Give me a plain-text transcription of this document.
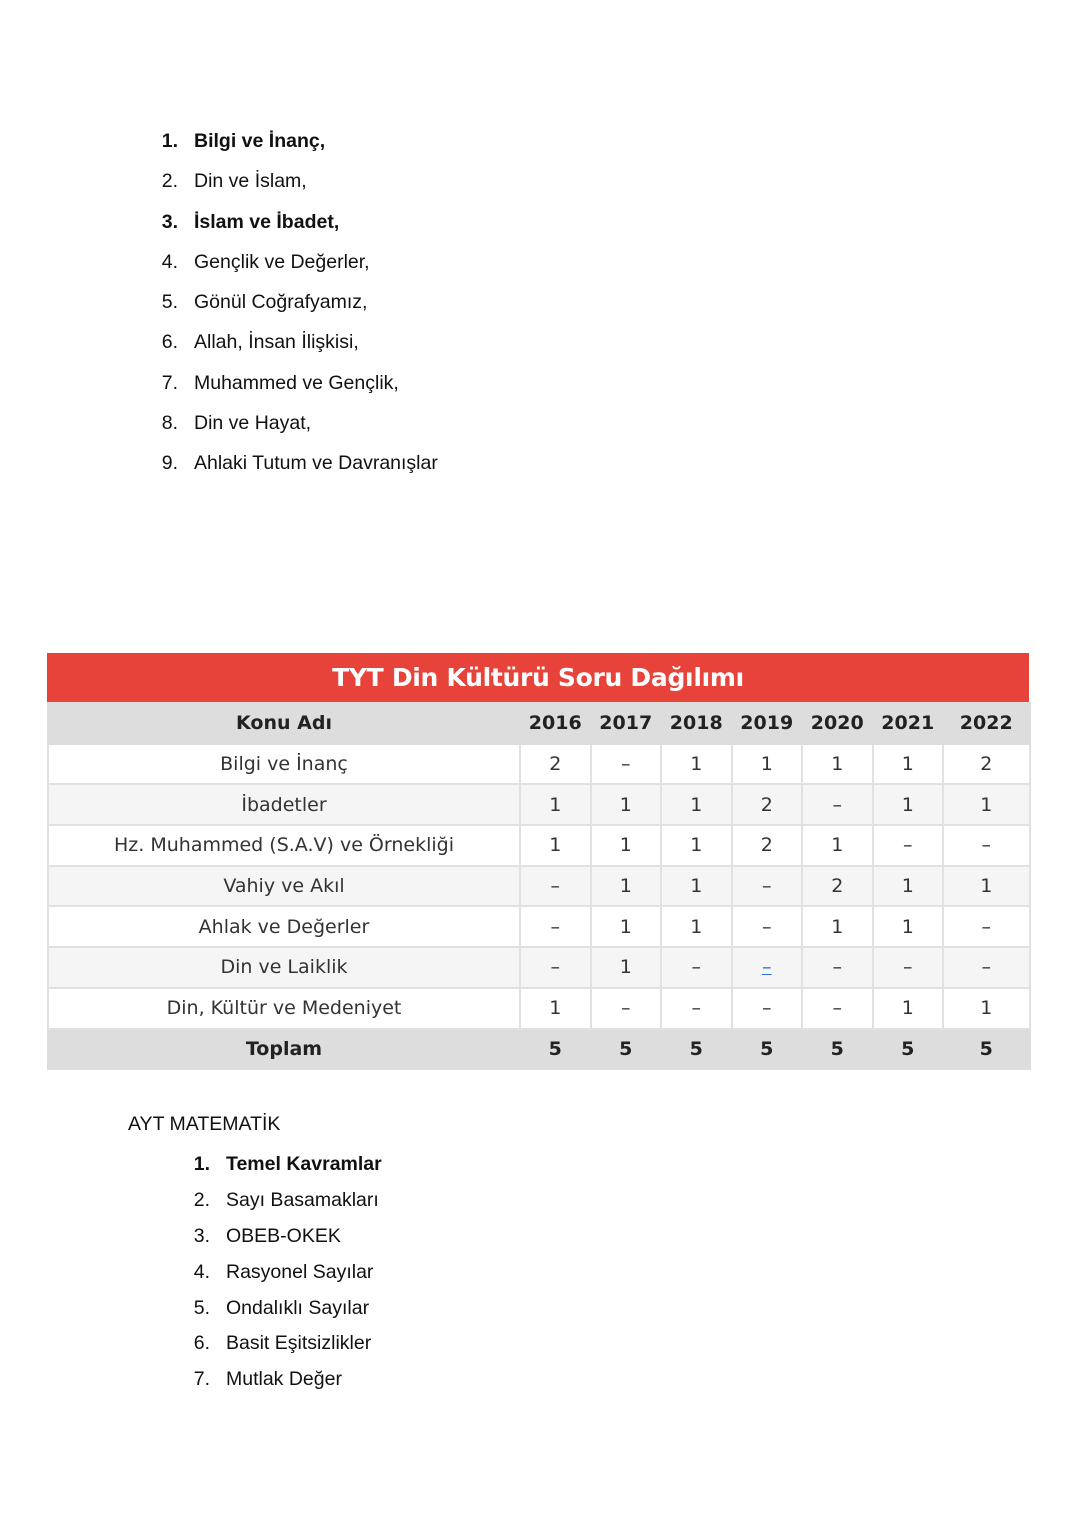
1. Bilgi ve İnanç,
2. Din ve İslam,
3. İslam ve İbadet,
4. Gençlik ve Değerler,
5. Gönül Coğrafyamız,
6. Allah, İnsan İlişkisi,
7. Muhammed ve Gençlik,
8. Din ve Hayat,
9. Ahlaki Tutum ve Davranışlar
TYT Din Kültürü Soru Dağılımı
Konu Adı	2016	2017	2018	2019	2020	2021	2022
Bilgi ve İnanç	2	–	1	1	1	1	2
İbadetler	1	1	1	2	–	1	1
Hz. Muhammed (S.A.V) ve Örnekliği	1	1	1	2	1	–	–
Vahiy ve Akıl	–	1	1	–	2	1	1
Ahlak ve Değerler	–	1	1	–	1	1	–
Din ve Laiklik	–	1	–	–	–	–	–
Din, Kültür ve Medeniyet	1	–	–	–	–	1	1
Toplam	5	5	5	5	5	5	5
AYT MATEMATİK
1. Temel Kavramlar
2. Sayı Basamakları
3. OBEB-OKEK
4. Rasyonel Sayılar
5. Ondalıklı Sayılar
6. Basit Eşitsizlikler
7. Mutlak Değer
